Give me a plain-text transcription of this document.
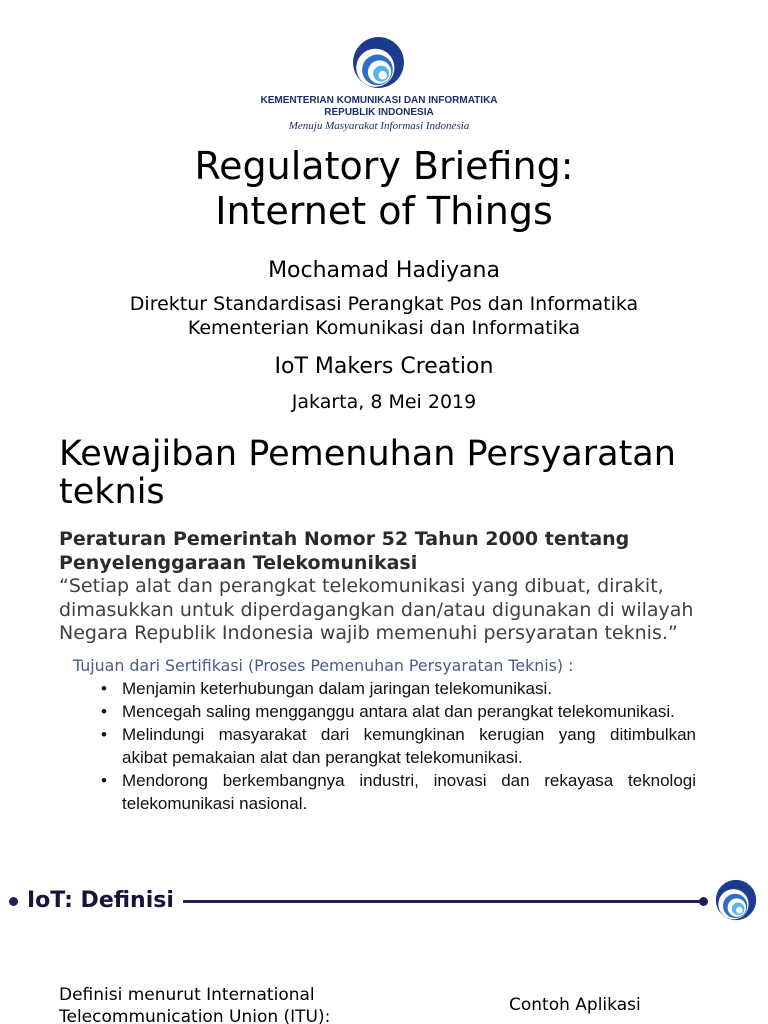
KEMENTERIAN KOMUNIKASI DAN INFORMATIKA
REPUBLIK INDONESIA
Menuju Masyarakat Informasi Indonesia
Regulatory Briefing:
Internet of Things
Mochamad Hadiyana
Direktur Standardisasi Perangkat Pos dan Informatika
Kementerian Komunikasi dan Informatika
IoT Makers Creation
Jakarta, 8 Mei 2019
Kewajiban Pemenuhan Persyaratan
teknis
Peraturan Pemerintah Nomor 52 Tahun 2000 tentang
Penyelenggaraan Telekomunikasi
“Setiap alat dan perangkat telekomunikasi yang dibuat, dirakit,
dimasukkan untuk diperdagangkan dan/atau digunakan di wilayah
Negara Republik Indonesia wajib memenuhi persyaratan teknis.”
Tujuan dari Sertifikasi (Proses Pemenuhan Persyaratan Teknis) :
• Menjamin keterhubungan dalam jaringan telekomunikasi.
• Mencegah saling mengganggu antara alat dan perangkat telekomunikasi.
• Melindungi masyarakat dari kemungkinan kerugian yang ditimbulkan
akibat pemakaian alat dan perangkat telekomunikasi.
• Mendorong berkembangnya industri, inovasi dan rekayasa teknologi
telekomunikasi nasional.
IoT: Definisi
Definisi menurut International
Telecommunication Union (ITU):
Contoh Aplikasi
